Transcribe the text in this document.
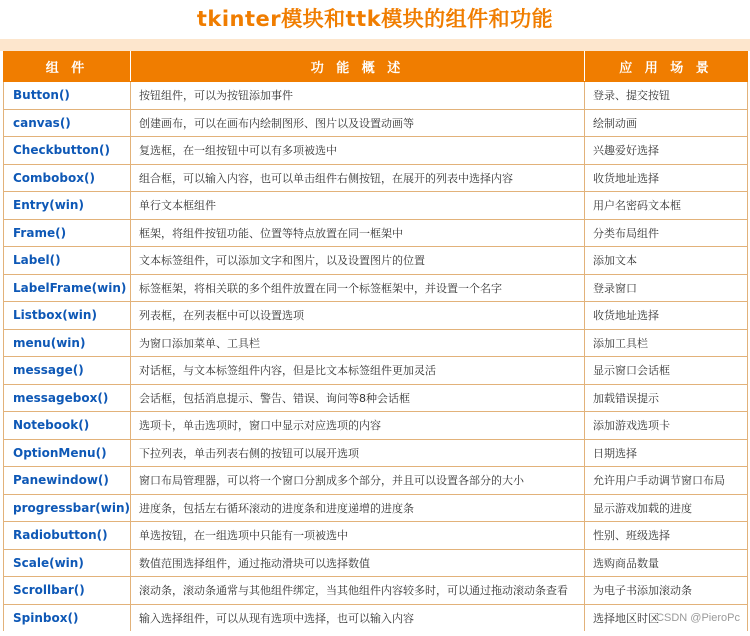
tkinter模块和ttk模块的组件和功能
组 件	功 能 概 述	应 用 场 景
Button()	按钮组件，可以为按钮添加事件	登录、提交按钮
canvas()	创建画布，可以在画布内绘制图形、图片以及设置动画等	绘制动画
Checkbutton()	复选框，在一组按钮中可以有多项被选中	兴趣爱好选择
Combobox()	组合框，可以输入内容，也可以单击组件右侧按钮，在展开的列表中选择内容	收货地址选择
Entry(win)	单行文本框组件	用户名密码文本框
Frame()	框架，将组件按钮功能、位置等特点放置在同一框架中	分类布局组件
Label()	文本标签组件，可以添加文字和图片，以及设置图片的位置	添加文本
LabelFrame(win)	标签框架，将相关联的多个组件放置在同一个标签框架中，并设置一个名字	登录窗口
Listbox(win)	列表框，在列表框中可以设置选项	收货地址选择
menu(win)	为窗口添加菜单、工具栏	添加工具栏
message()	对话框，与文本标签组件内容，但是比文本标签组件更加灵活	显示窗口会话框
messagebox()	会话框，包括消息提示、警告、错误、询问等8种会话框	加载错误提示
Notebook()	选项卡，单击选项时，窗口中显示对应选项的内容	添加游戏选项卡
OptionMenu()	下拉列表，单击列表右侧的按钮可以展开选项	日期选择
Panewindow()	窗口布局管理器，可以将一个窗口分割成多个部分，并且可以设置各部分的大小	允许用户手动调节窗口布局
progressbar(win)	进度条，包括左右循环滚动的进度条和进度递增的进度条	显示游戏加载的进度
Radiobutton()	单选按钮，在一组选项中只能有一项被选中	性别、班级选择
Scale(win)	数值范围选择组件，通过拖动滑块可以选择数值	选购商品数量
Scrollbar()	滚动条，滚动条通常与其他组件绑定，当其他组件内容较多时，可以通过拖动滚动条查看	为电子书添加滚动条
Spinbox()	输入选择组件，可以从现有选项中选择，也可以输入内容	选择地区时区
CSDN @PieroPc
